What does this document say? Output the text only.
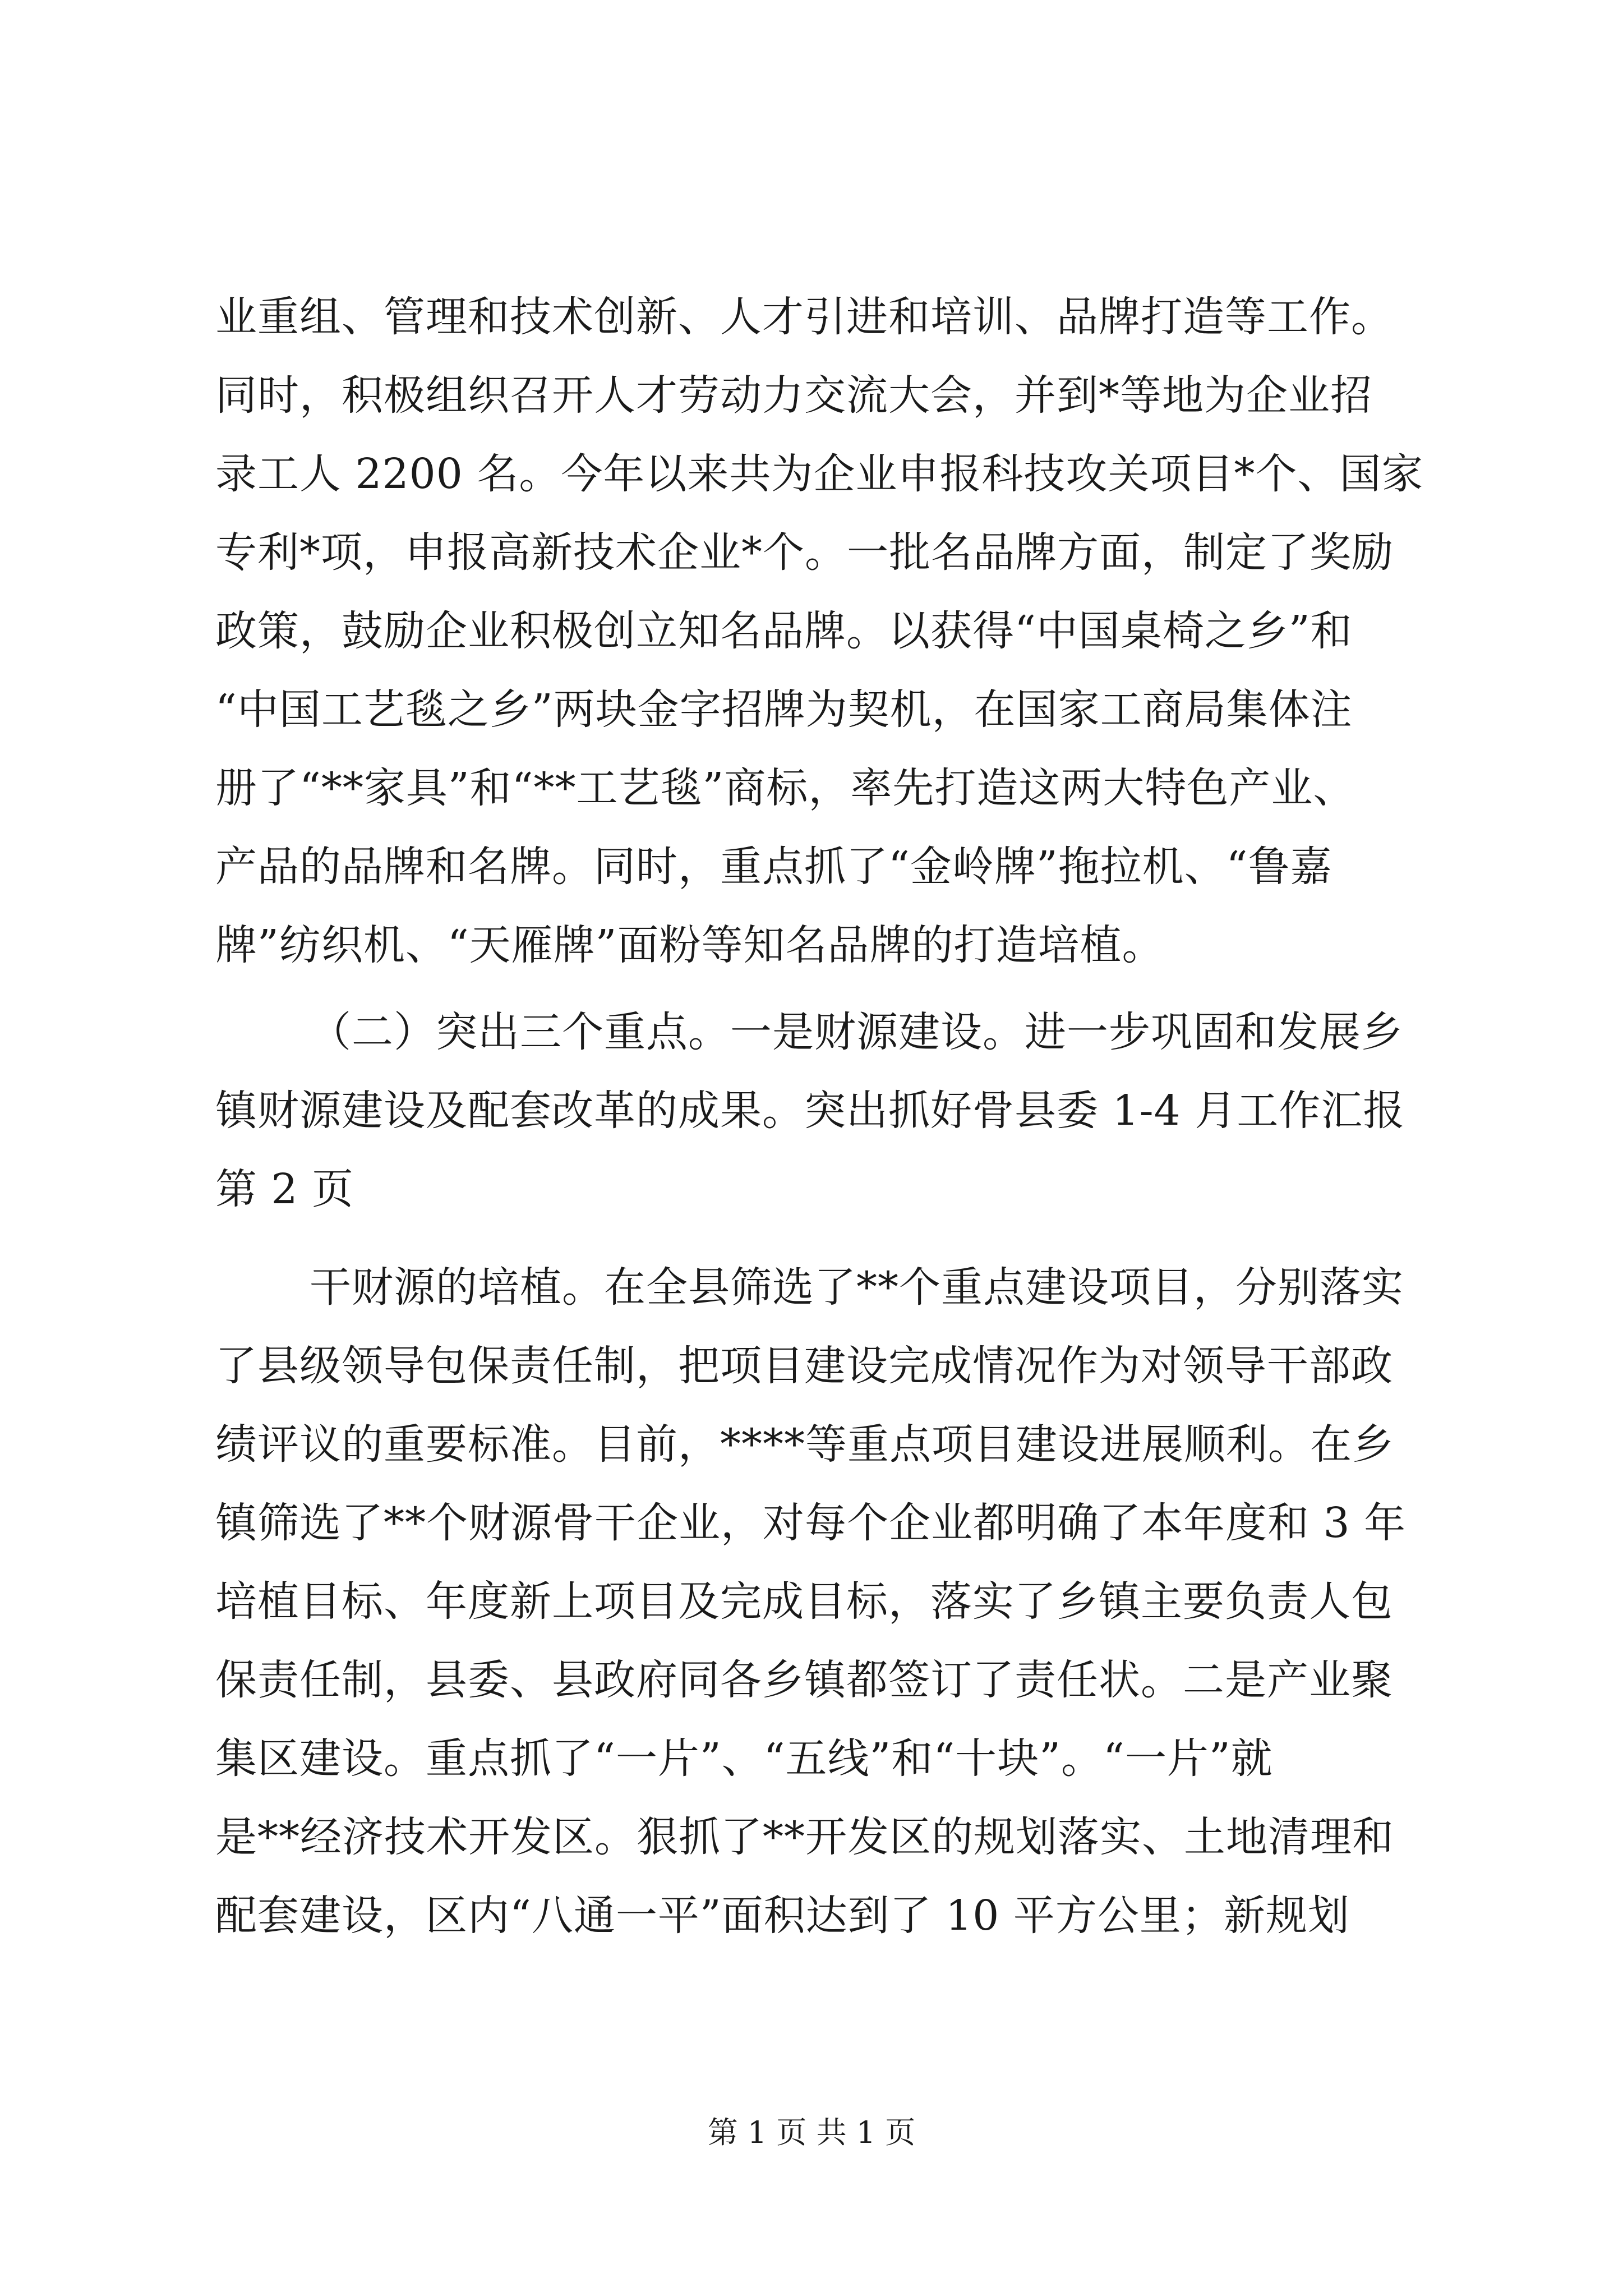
业重组、管理和技术创新、人才引进和培训、品牌打造等工作。
同时，积极组织召开人才劳动力交流大会，并到*等地为企业招
录工人 2200 名。今年以来共为企业申报科技攻关项目*个、国家
专利*项，申报高新技术企业*个。一批名品牌方面，制定了奖励
政策，鼓励企业积极创立知名品牌。以获得“中国桌椅之乡”和
“中国工艺毯之乡”两块金字招牌为契机，在国家工商局集体注
册了“**家具”和“**工艺毯”商标，率先打造这两大特色产业、
产品的品牌和名牌。同时，重点抓了“金岭牌”拖拉机、“鲁嘉
牌”纺织机、“天雁牌”面粉等知名品牌的打造培植。
（二）突出三个重点。一是财源建设。进一步巩固和发展乡
镇财源建设及配套改革的成果。突出抓好骨县委 1-4 月工作汇报
第 2 页
干财源的培植。在全县筛选了**个重点建设项目，分别落实
了县级领导包保责任制，把项目建设完成情况作为对领导干部政
绩评议的重要标准。目前，****等重点项目建设进展顺利。在乡
镇筛选了**个财源骨干企业，对每个企业都明确了本年度和 3 年
培植目标、年度新上项目及完成目标，落实了乡镇主要负责人包
保责任制，县委、县政府同各乡镇都签订了责任状。二是产业聚
集区建设。重点抓了“一片”、“五线”和“十块”。“一片”就
是**经济技术开发区。狠抓了**开发区的规划落实、土地清理和
配套建设，区内“八通一平”面积达到了 10 平方公里；新规划
第 1 页 共 1 页
